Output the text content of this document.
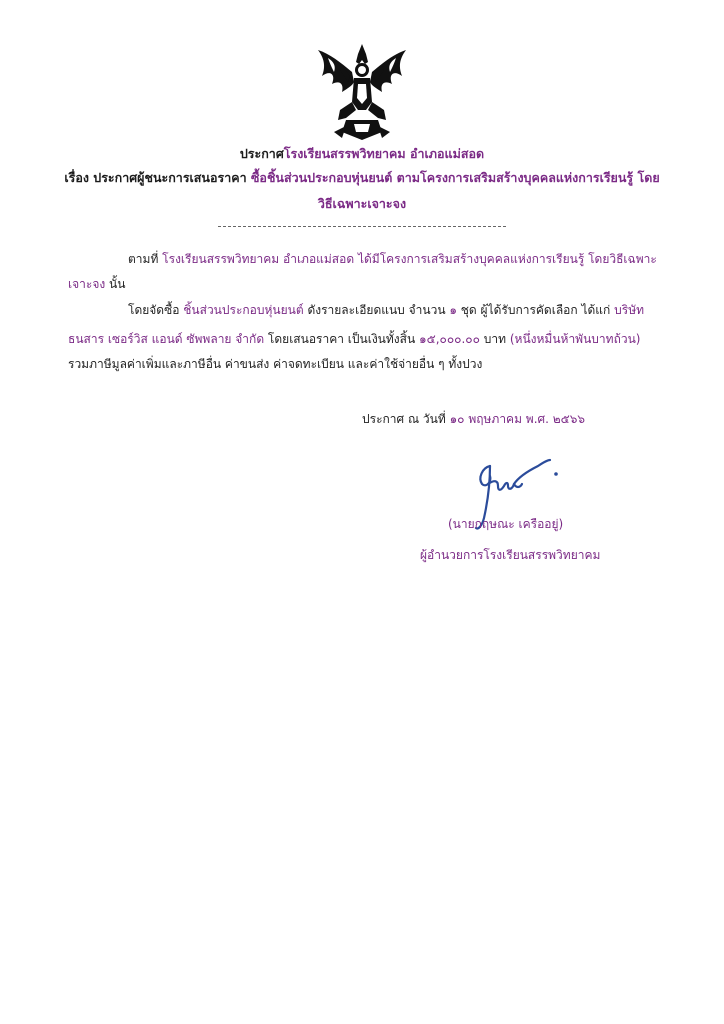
ประกาศโรงเรียนสรรพวิทยาคม อำเภอแม่สอด
เรื่อง ประกาศผู้ชนะการเสนอราคา ซื้อชิ้นส่วนประกอบหุ่นยนต์ ตามโครงการเสริมสร้างบุคคลแห่งการเรียนรู้ โดย
วิธีเฉพาะเจาะจง
ตามที่ โรงเรียนสรรพวิทยาคม อำเภอแม่สอด ได้มีโครงการเสริมสร้างบุคคลแห่งการเรียนรู้ โดยวิธีเฉพาะ
เจาะจง นั้น
โดยจัดซื้อ ชิ้นส่วนประกอบหุ่นยนต์ ดังรายละเอียดแนบ จำนวน ๑ ชุด ผู้ได้รับการคัดเลือก ได้แก่ บริษัท
ธนสาร เซอร์วิส แอนด์ ซัพพลาย จำกัด โดยเสนอราคา เป็นเงินทั้งสิ้น ๑๕,๐๐๐.๐๐ บาท (หนึ่งหมื่นห้าพันบาทถ้วน)
รวมภาษีมูลค่าเพิ่มและภาษีอื่น ค่าขนส่ง ค่าจดทะเบียน และค่าใช้จ่ายอื่น ๆ ทั้งปวง
ประกาศ ณ วันที่ ๑๐ พฤษภาคม พ.ศ. ๒๕๖๖
(นายกฤษณะ เครืออยู่)
ผู้อำนวยการโรงเรียนสรรพวิทยาคม
